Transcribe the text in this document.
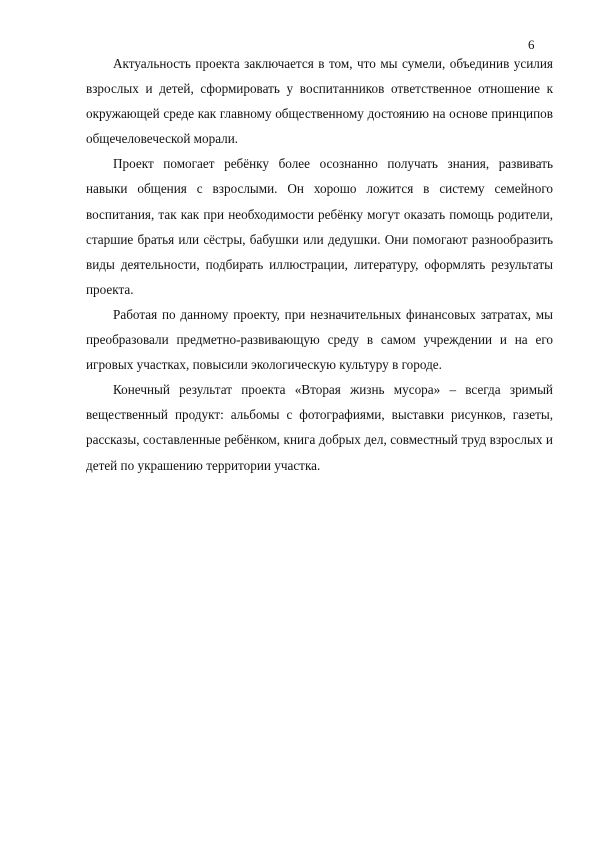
6

Актуальность проекта заключается в том, что мы сумели, объединив усилия взрослых и детей, сформировать у воспитанников ответственное отношение к окружающей среде как главному общественному достоянию на основе принципов общечеловеческой морали.

Проект помогает ребёнку более осознанно получать знания, развивать навыки общения с взрослыми. Он хорошо ложится в систему семейного воспитания, так как при необходимости ребёнку могут оказать помощь родители, старшие братья или сёстры, бабушки или дедушки. Они помогают разнообразить виды деятельности, подбирать иллюстрации, литературу, оформлять результаты проекта.

Работая по данному проекту, при незначительных финансовых затратах, мы преобразовали предметно-развивающую среду в самом учреждении и на его игровых участках, повысили экологическую культуру в городе.

Конечный результат проекта «Вторая жизнь мусора» – всегда зримый вещественный продукт: альбомы с фотографиями, выставки рисунков, газеты, рассказы, составленные ребёнком, книга добрых дел, совместный труд взрослых и детей по украшению территории участка.
